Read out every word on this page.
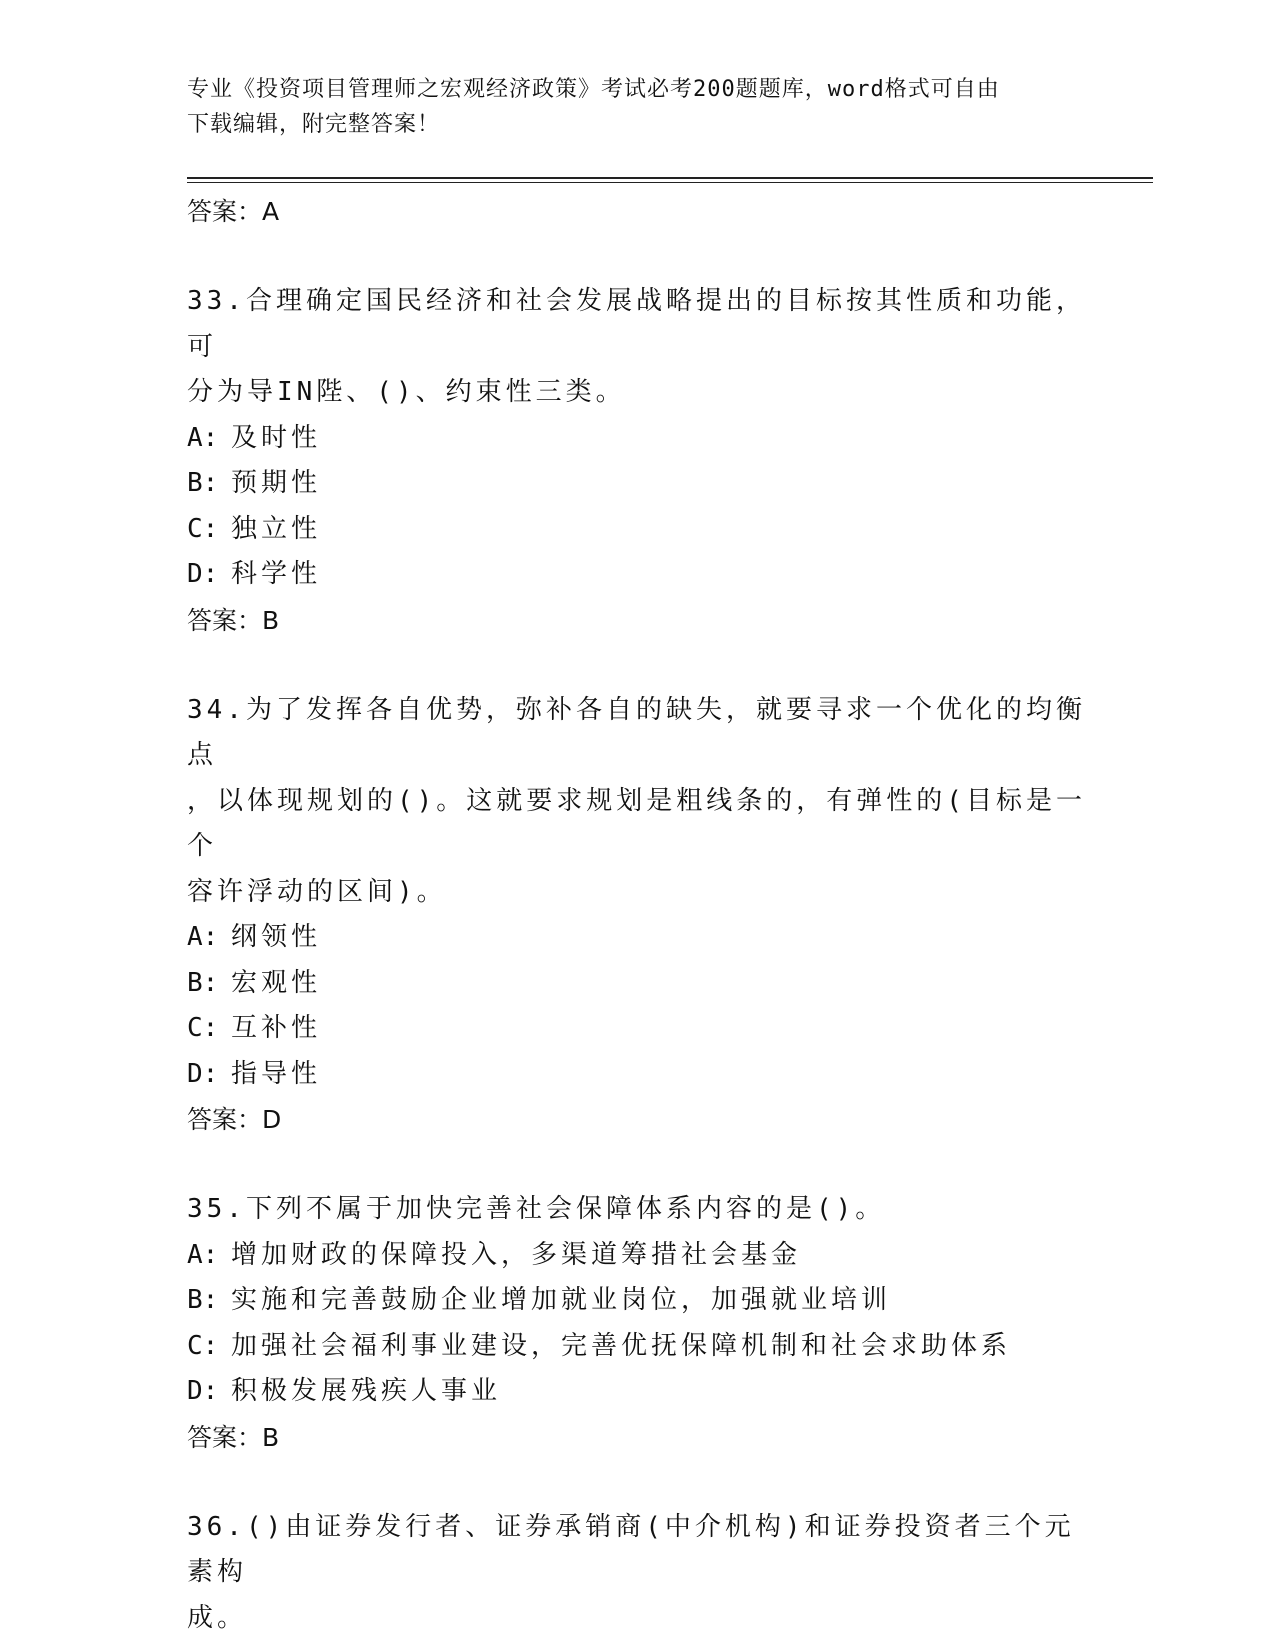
专业《投资项目管理师之宏观经济政策》考试必考200题题库，word格式可自由
下载编辑，附完整答案！

答案：A

33.合理确定国民经济和社会发展战略提出的目标按其性质和功能，可

分为导IN陛、()、约束性三类。

A: 及时性

B: 预期性

C: 独立性

D: 科学性

答案：B

34.为了发挥各自优势，弥补各自的缺失，就要寻求一个优化的均衡点

，以体现规划的()。这就要求规划是粗线条的，有弹性的(目标是一个

容许浮动的区间)。

A: 纲领性

B: 宏观性

C: 互补性

D: 指导性

答案：D

35.下列不属于加快完善社会保障体系内容的是()。

A: 增加财政的保障投入，多渠道筹措社会基金

B: 实施和完善鼓励企业增加就业岗位，加强就业培训

C: 加强社会福利事业建设，完善优抚保障机制和社会求助体系

D: 积极发展残疾人事业

答案：B

36.()由证券发行者、证券承销商(中介机构)和证券投资者三个元素构

成。
